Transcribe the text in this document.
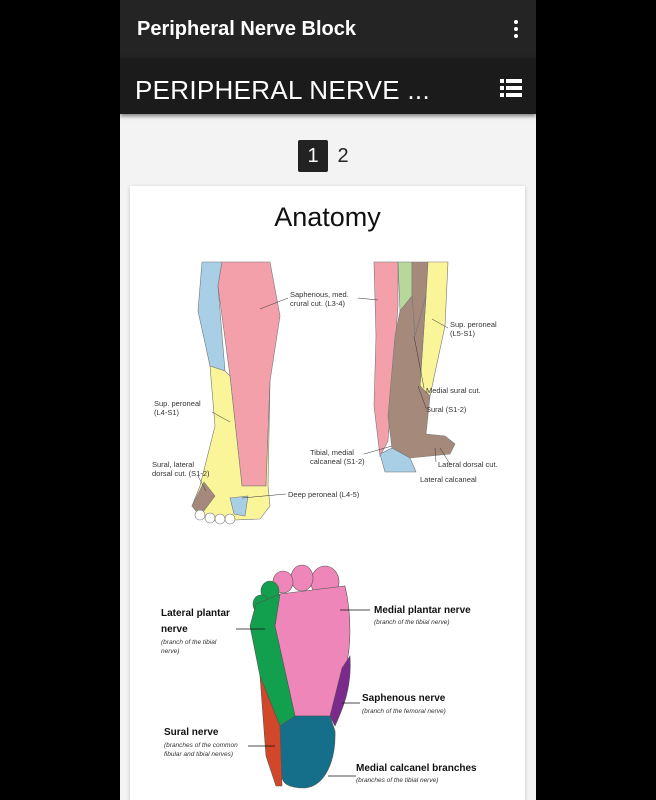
Peripheral Nerve Block
PERIPHERAL NERVE ...
1 2
Anatomy
Saphenous, med.
crural cut. (L3-4)
Sup. peroneal
(L4-S1)
Sural, lateral
dorsal cut. (S1-2)
Deep peroneal (L4-5)
Sup. peroneal
(L5-S1)
Medial sural cut.
Sural (S1-2)
Tibial, medial
calcaneal (S1-2)	Lateral dorsal cut.
Lateral calcaneal
Lateral plantar
nerve
(branch of the tibial
nerve)
Medial plantar nerve
(branch of the tibial nerve)
Saphenous nerve
(branch of the femoral nerve)
Sural nerve
(branches of the common
fibular and tibial nerves)
Medial calcanel branches
(branches of the tibial nerve)
